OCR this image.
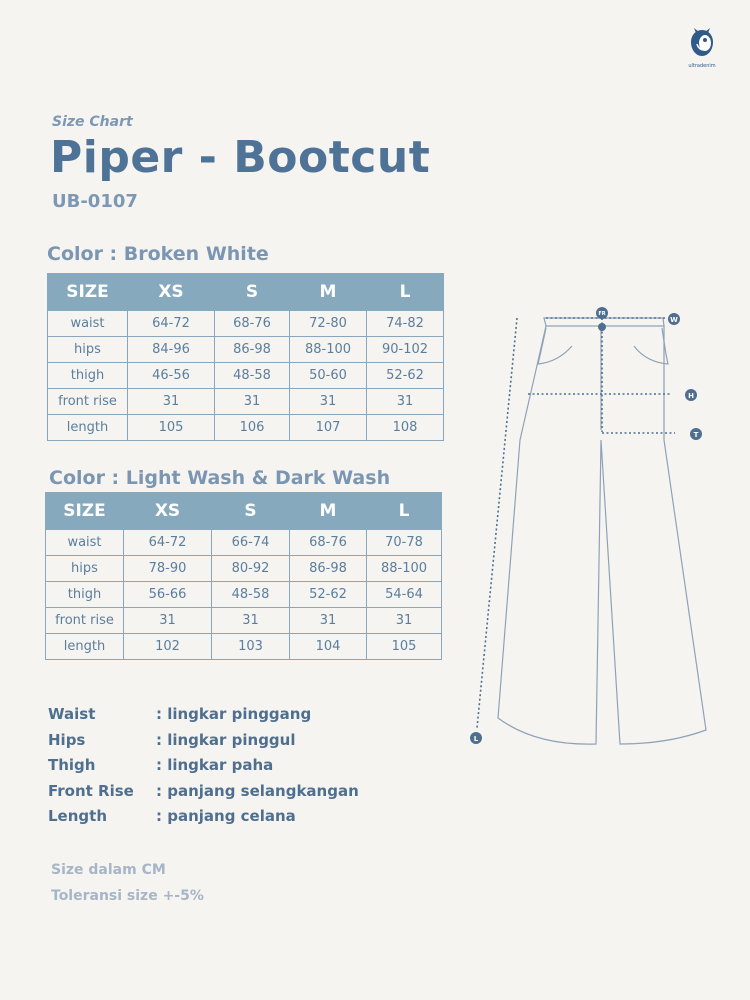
ultradenim
Size Chart
Piper - Bootcut
UB-0107
Color : Broken White
SIZE	XS	S	M	L
waist	64-72	68-76	72-80	74-82
hips	84-96	86-98	88-100	90-102
thigh	46-56	48-58	50-60	52-62
front rise	31	31	31	31
length	105	106	107	108
Color : Light Wash & Dark Wash
SIZE	XS	S	M	L
waist	64-72	66-74	68-76	70-78
hips	78-90	80-92	86-98	88-100
thigh	56-66	48-58	52-62	54-64
front rise	31	31	31	31
length	102	103	104	105
Waist	: lingkar pinggang
Hips	: lingkar pinggul
Thigh	: lingkar paha
Front Rise : panjang selangkangan
Length	: panjang celana
Size dalam CM
Toleransi size +-5%
FR
W
H
T
L
